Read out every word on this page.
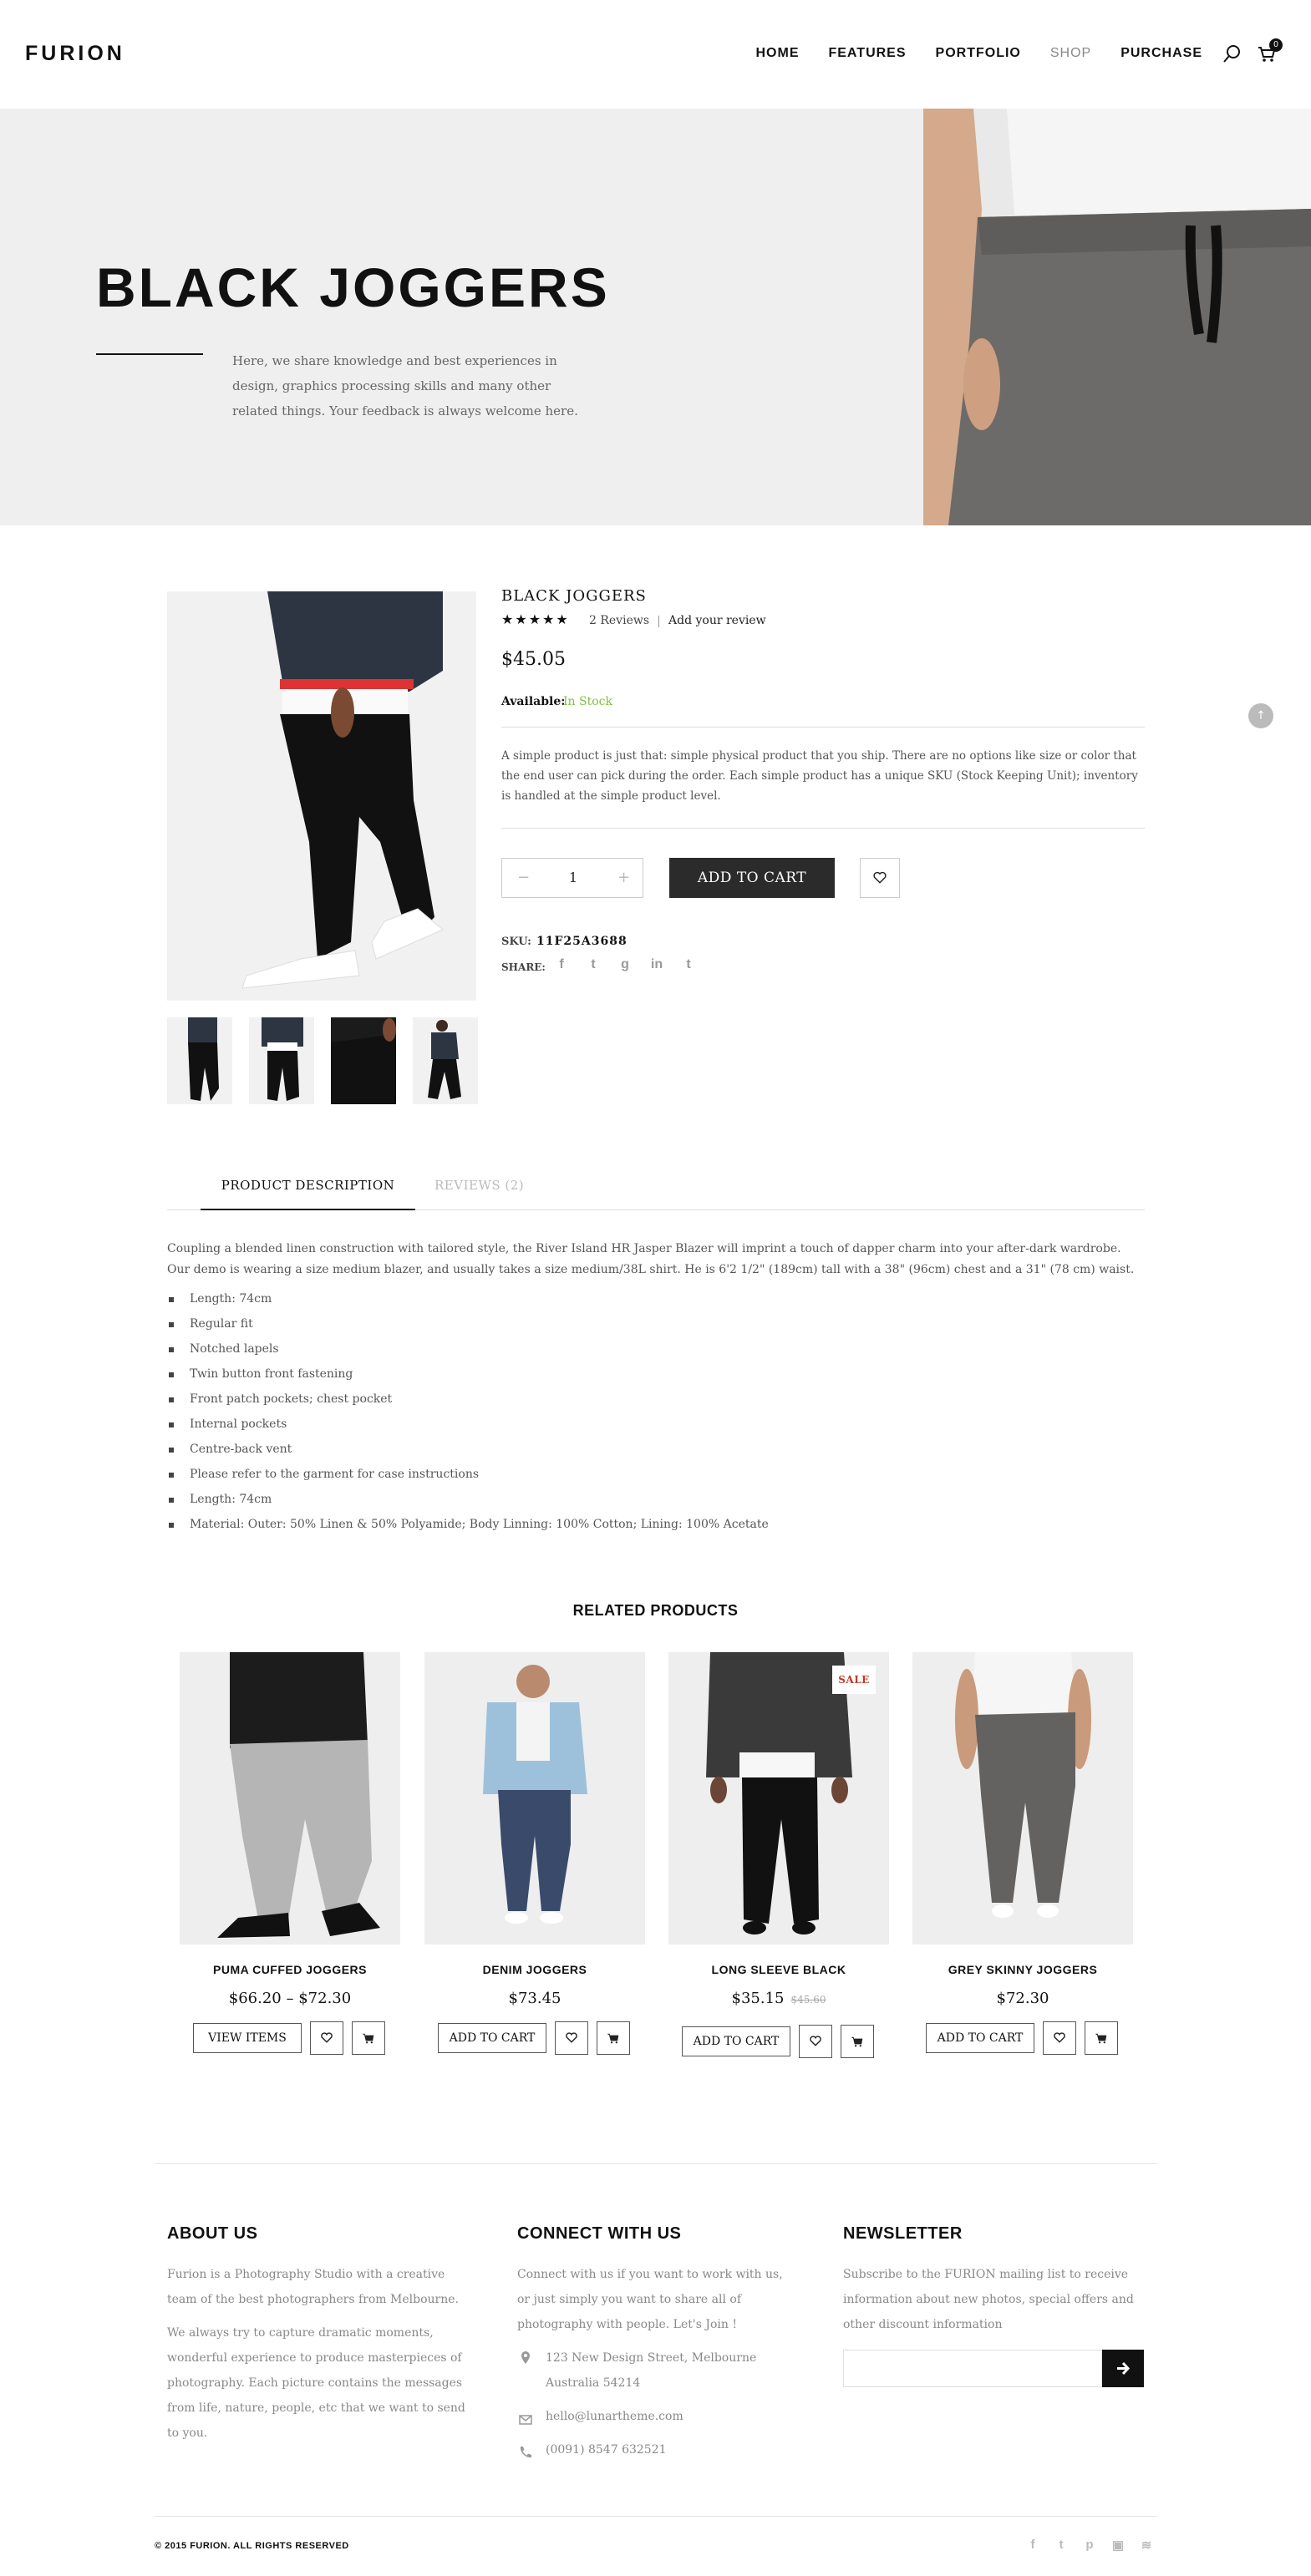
FURION	HOME FEATURES PORTFOLIO SHOP PURCHASE
0
BLACK JOGGERS

Here, we share knowledge and best experiences in design, graphics processing skills and many other related things. Your feedback is always welcome here.

BLACK JOGGERS
★★★★★ 2 Reviews Add your review
$45.05
Available:
In Stock

A simple product is just that: simple physical product that you ship. There are no options like size or color that the end user can pick during the order. Each simple product has a unique SKU (Stock Keeping Unit); inventory is handled at the simple product level.

−	1	+	ADD TO CART
SKU: 11F25A3688
SHARE:	f	t	g in	t
↑
PRODUCT DESCRIPTION	REVIEWS (2)

Coupling a blended linen construction with tailored style, the River Island HR Jasper Blazer will imprint a touch of dapper charm into your after-dark wardrobe. Our demo is wearing a size medium blazer, and usually takes a size medium/38L shirt. He is 6'2 1/2" (189cm) tall with a 38" (96cm) chest and a 31" (78 cm) waist.

Length: 74cm
Regular fit
Notched lapels
Twin button front fastening
Front patch pockets; chest pocket
Internal pockets
Centre-back vent
Please refer to the garment for case instructions
Length: 74cm
Material: Outer: 50% Linen & 50% Polyamide; Body Linning: 100% Cotton; Lining: 100% Acetate
RELATED PRODUCTS
PUMA CUFFED JOGGERS
$66.20 – $72.30
VIEW ITEMS
DENIM JOGGERS
$73.45
ADD TO CART
SALE
LONG SLEEVE BLACK
$35.15 $45.60
ADD TO CART
GREY SKINNY JOGGERS
$72.30
ADD TO CART
ABOUT US

Furion is a Photography Studio with a creative team of the best photographers from Melbourne.

We always try to capture dramatic moments, wonderful experience to produce masterpieces of photography. Each picture contains the messages from life, nature, people, etc that we want to send to you.

CONNECT WITH US

Connect with us if you want to work with us, or just simply you want to share all of photography with people. Let's Join !

123 New Design Street, Melbourne Australia 54214

hello@lunartheme.com

(0091) 8547 632521

NEWSLETTER

Subscribe to the FURION mailing list to receive information about new photos, special offers and other discount information

© 2015 FURION. ALL RIGHTS RESERVED	f	t	p	▣ ≋
